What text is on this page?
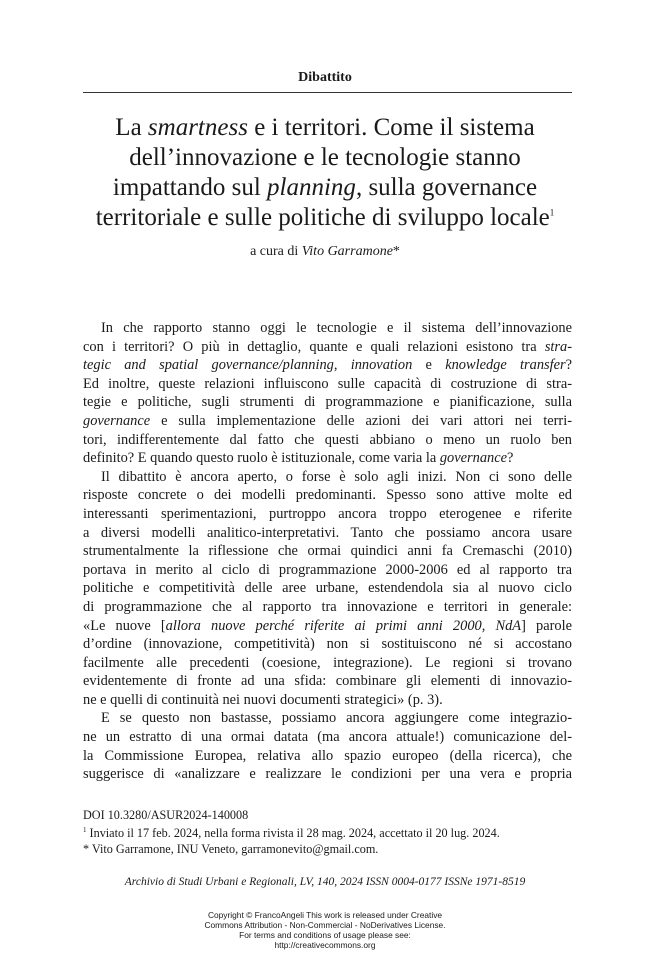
Dibattito
La smartness e i territori. Come il sistema
dell’innovazione e le tecnologie stanno
impattando sul planning, sulla governance
territoriale e sulle politiche di sviluppo locale$^1$
a cura di Vito Garramone*
In che rapporto stanno oggi le tecnologie e il sistema dell’innovazione
con i territori? O più in dettaglio, quante e quali relazioni esistono tra stra-
tegic and spatial governance/planning, innovation e knowledge transfer?
Ed inoltre, queste relazioni influiscono sulle capacità di costruzione di stra-
tegie e politiche, sugli strumenti di programmazione e pianificazione, sulla
governance e sulla implementazione delle azioni dei vari attori nei terri-
tori, indifferentemente dal fatto che questi abbiano o meno un ruolo ben
definito? E quando questo ruolo è istituzionale, come varia la governance?
Il dibattito è ancora aperto, o forse è solo agli inizi. Non ci sono delle
risposte concrete o dei modelli predominanti. Spesso sono attive molte ed
interessanti sperimentazioni, purtroppo ancora troppo eterogenee e riferite
a diversi modelli analitico-interpretativi. Tanto che possiamo ancora usare
strumentalmente la riflessione che ormai quindici anni fa Cremaschi (2010)
portava in merito al ciclo di programmazione 2000-2006 ed al rapporto tra
politiche e competitività delle aree urbane, estendendola sia al nuovo ciclo
di programmazione che al rapporto tra innovazione e territori in generale:
«Le nuove [allora nuove perché riferite ai primi anni 2000, NdA] parole
d’ordine (innovazione, competitività) non si sostituiscono né si accostano
facilmente alle precedenti (coesione, integrazione). Le regioni si trovano
evidentemente di fronte ad una sfida: combinare gli elementi di innovazio-
ne e quelli di continuità nei nuovi documenti strategici» (p. 3).
E se questo non bastasse, possiamo ancora aggiungere come integrazio-
ne un estratto di una ormai datata (ma ancora attuale!) comunicazione del-
la Commissione Europea, relativa allo spazio europeo (della ricerca), che
suggerisce di «analizzare e realizzare le condizioni per una vera e propria
DOI 10.3280/ASUR2024-140008
$^1$ Inviato il 17 feb. 2024, nella forma rivista il 28 mag. 2024, accettato il 20 lug. 2024.
* Vito Garramone, INU Veneto, garramonevito@gmail.com.
Archivio di Studi Urbani e Regionali, LV, 140, 2024 ISSN 0004-0177 ISSNe 1971-8519
Copyright © FrancoAngeli This work is released under Creative
Commons Attribution - Non-Commercial - NoDerivatives License.
For terms and conditions of usage please see:
http://creativecommons.org
